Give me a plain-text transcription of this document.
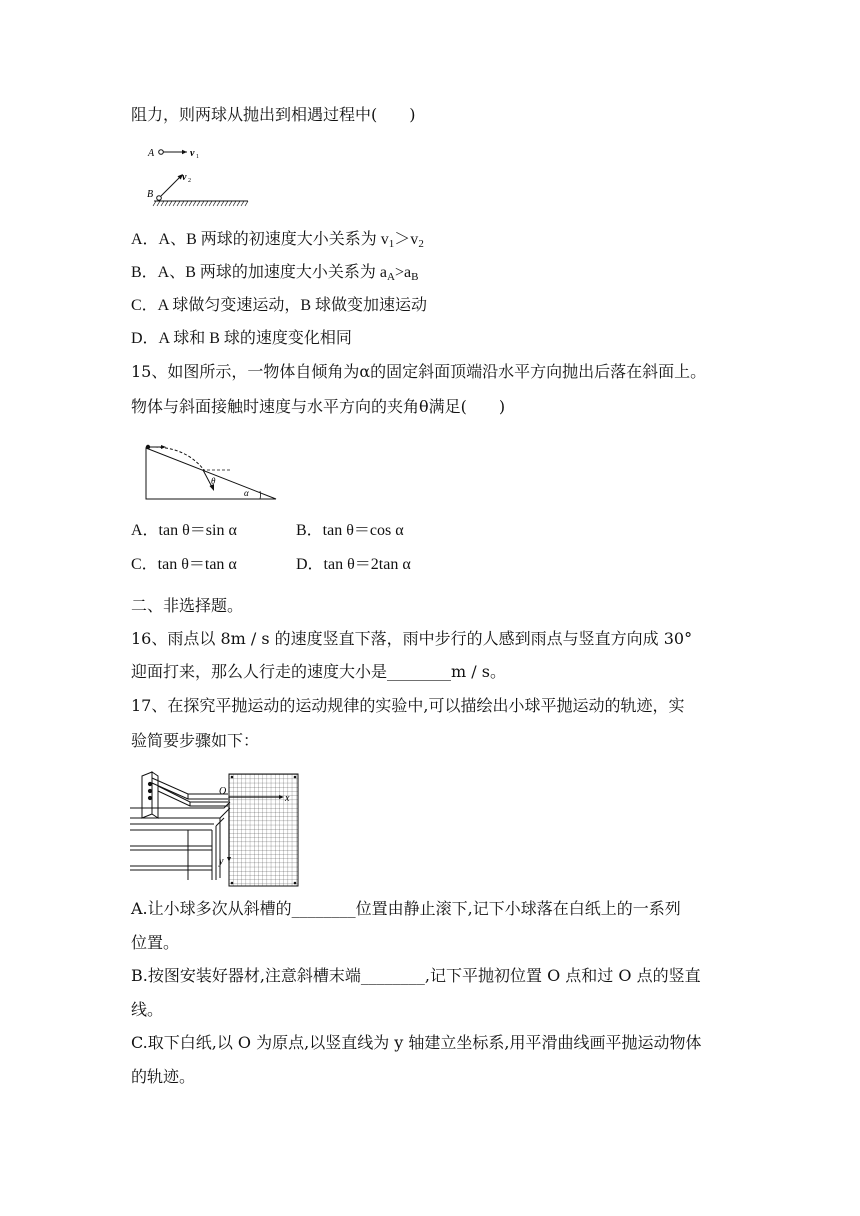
阻力，则两球从抛出到相遇过程中(　　)
A	v 1
B
v 2
A．A、B 两球的初速度大小关系为 $v_1>v_2$
B．A、B 两球的加速度大小关系为 $a_A>a_B$
C．A 球做匀变速运动，B 球做变加速运动
D．A 球和 B 球的速度变化相同
15、如图所示，一物体自倾角为α的固定斜面顶端沿水平方向抛出后落在斜面上。
物体与斜面接触时速度与水平方向的夹角θ满足(　　)
θ
α
A．tan θ＝sin α	B．tan θ＝cos α
C．tan θ＝tan α	D．tan θ＝2tan α
二、非选择题。
16、雨点以 8m / s 的速度竖直下落，雨中步行的人感到雨点与竖直方向成 30°
迎面打来，那么人行走的速度大小是________m / s。
17、在探究平抛运动的运动规律的实验中,可以描绘出小球平抛运动的轨迹，实
验简要步骤如下：
O
x
y
A.让小球多次从斜槽的________位置由静止滚下,记下小球落在白纸上的一系列
位置。
B.按图安装好器材,注意斜槽末端________,记下平抛初位置 O 点和过 O 点的竖直
线。
C.取下白纸,以 O 为原点,以竖直线为 y 轴建立坐标系,用平滑曲线画平抛运动物体
的轨迹。
